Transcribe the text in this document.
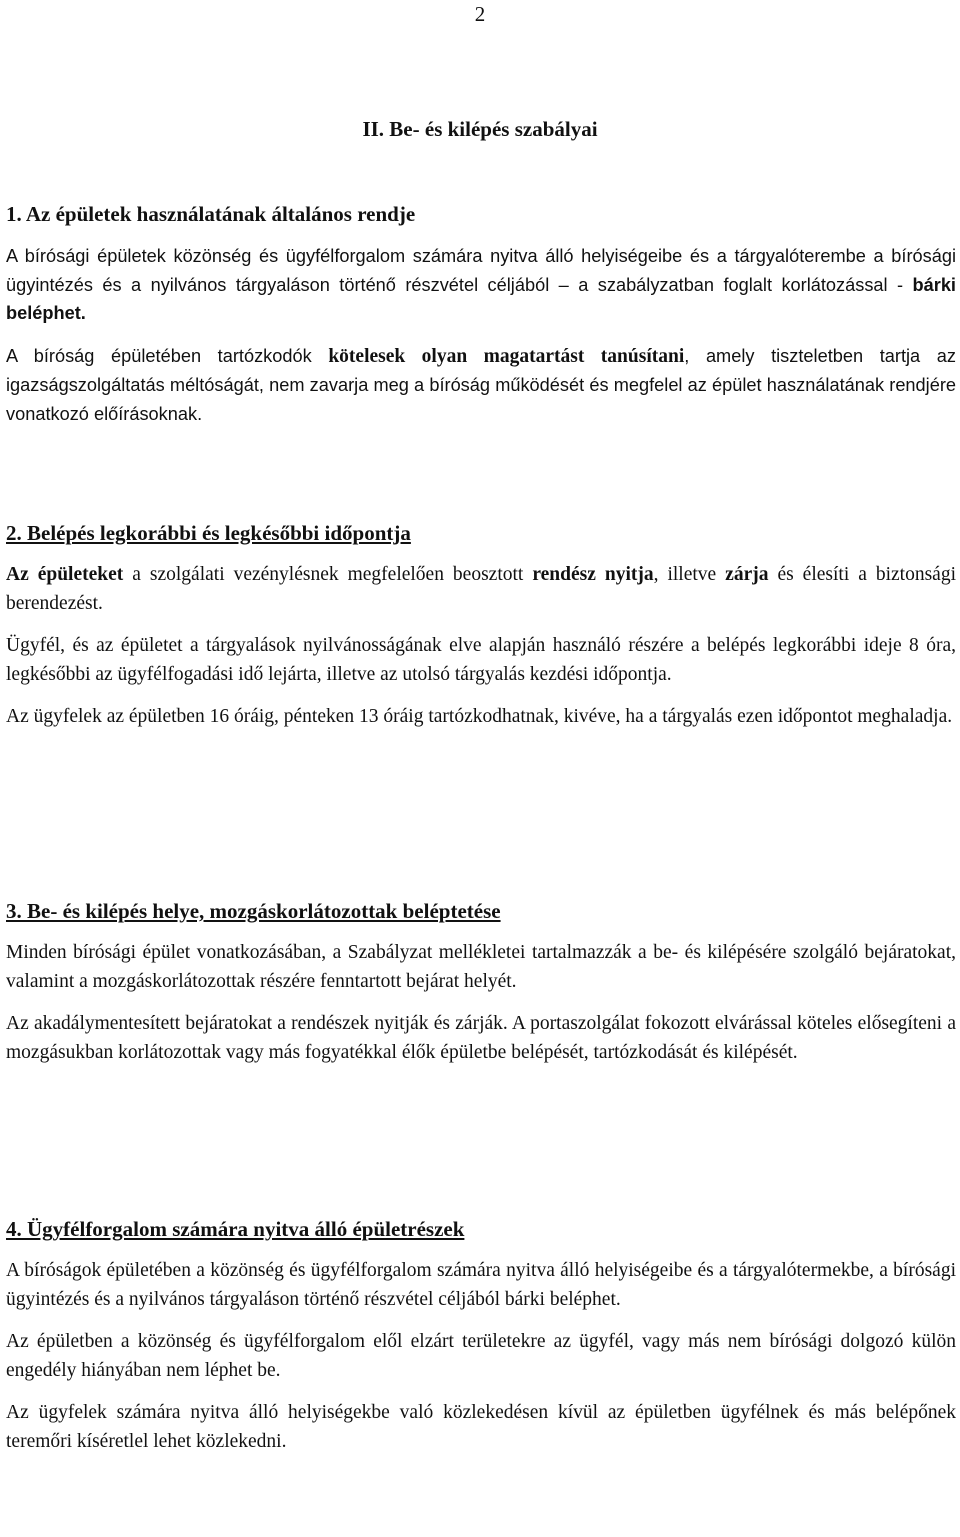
2
II. Be- és kilépés szabályai

1. Az épületek használatának általános rendje

A bírósági épületek közönség és ügyfélforgalom számára nyitva álló helyiségeibe és a tárgyalóterembe a bírósági ügyintézés és a nyilvános tárgyaláson történő részvétel céljából – a szabályzatban foglalt korlátozással - bárki beléphet.

A bíróság épületében tartózkodók kötelesek olyan magatartást tanúsítani, amely tiszteletben tartja az igazságszolgáltatás méltóságát, nem zavarja meg a bíróság működését és megfelel az épület használatának rendjére vonatkozó előírásoknak.

2. Belépés legkorábbi és legkésőbbi időpontja

Az épületeket a szolgálati vezénylésnek megfelelően beosztott rendész nyitja, illetve zárja és élesíti a biztonsági berendezést.

Ügyfél, és az épületet a tárgyalások nyilvánosságának elve alapján használó részére a belépés legkorábbi ideje 8 óra, legkésőbbi az ügyfélfogadási idő lejárta, illetve az utolsó tárgyalás kezdési időpontja.

Az ügyfelek az épületben 16 óráig, pénteken 13 óráig tartózkodhatnak, kivéve, ha a tárgyalás ezen időpontot meghaladja.

3. Be- és kilépés helye, mozgáskorlátozottak beléptetése

Minden bírósági épület vonatkozásában, a Szabályzat mellékletei tartalmazzák a be- és kilépésére szolgáló bejáratokat, valamint a mozgáskorlátozottak részére fenntartott bejárat helyét.

Az akadálymentesített bejáratokat a rendészek nyitják és zárják. A portaszolgálat fokozott elvárással köteles elősegíteni a mozgásukban korlátozottak vagy más fogyatékkal élők épületbe belépését, tartózkodását és kilépését.

4. Ügyfélforgalom számára nyitva álló épületrészek

A bíróságok épületében a közönség és ügyfélforgalom számára nyitva álló helyiségeibe és a tárgyalótermekbe, a bírósági ügyintézés és a nyilvános tárgyaláson történő részvétel céljából bárki beléphet.

Az épületben a közönség és ügyfélforgalom elől elzárt területekre az ügyfél, vagy más nem bírósági dolgozó külön engedély hiányában nem léphet be.

Az ügyfelek számára nyitva álló helyiségekbe való közlekedésen kívül az épületben ügyfélnek és más belépőnek teremőri kíséretlel lehet közlekedni.
